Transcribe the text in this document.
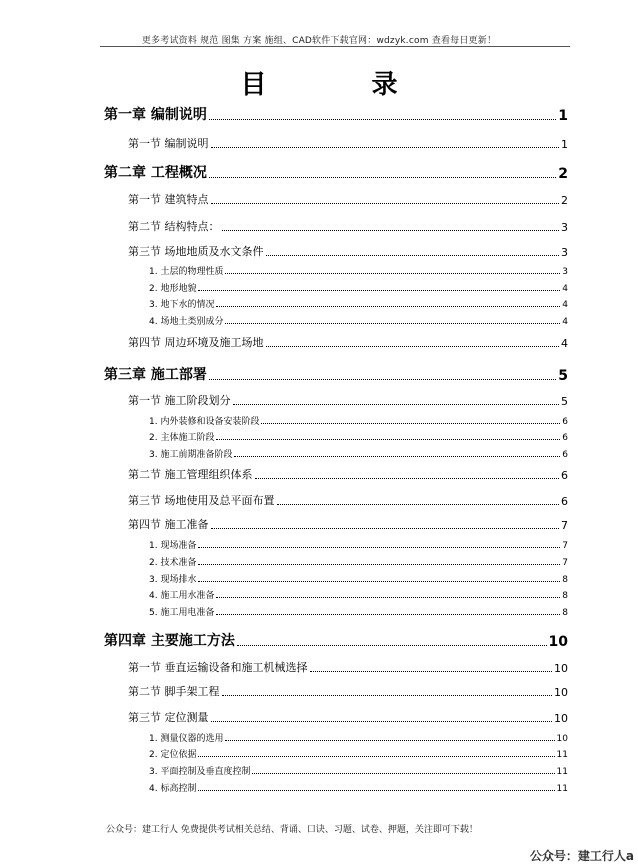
更多考试资料 规范 图集 方案 施组、CAD软件下载官网：wdzyk.com 查看每日更新！
目 录
第一章 编制说明	1
第一节 编制说明	1
第二章 工程概况	2
第一节 建筑特点	2
第二节 结构特点：	3
第三节 场地地质及水文条件	3
1. 土层的物理性质	3
2. 地形地貌	4
3. 地下水的情况	4
4. 场地土类别成分	4
第四节 周边环境及施工场地	4
第三章 施工部署	5
第一节 施工阶段划分	5
1. 内外装修和设备安装阶段	6
2. 主体施工阶段	6
3. 施工前期准备阶段	6
第二节 施工管理组织体系	6
第三节 场地使用及总平面布置	6
第四节 施工准备	7
1. 现场准备	7
2. 技术准备	7
3. 现场排水	8
4. 施工用水准备	8
5. 施工用电准备	8
第四章 主要施工方法	10
第一节 垂直运输设备和施工机械选择	10
第二节 脚手架工程	10
第三节 定位测量	10
1. 测量仪器的选用	10
2. 定位依据	11
3. 平面控制及垂直度控制	11
4. 标高控制	11
公众号：建工行人 免费提供考试相关总结、背诵、口诀、习题、试卷、押题，关注即可下载！
公众号：建工行人a
